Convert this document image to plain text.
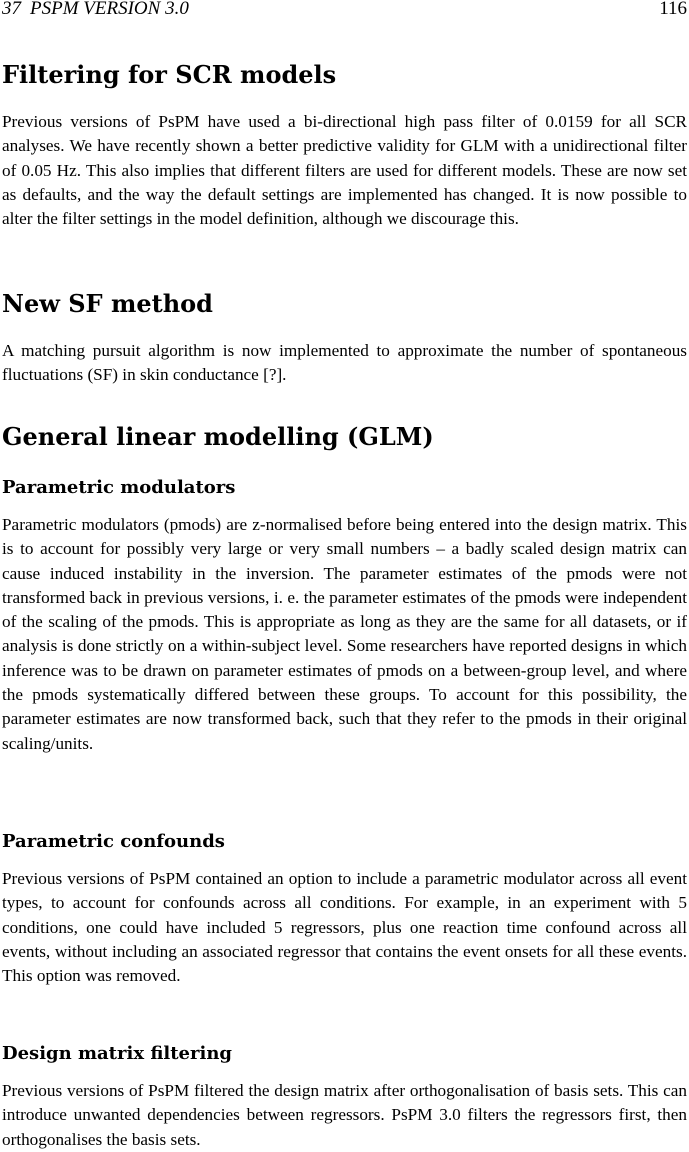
37 PSPM VERSION 3.0	116
Filtering for SCR models

Previous versions of PsPM have used a bi-directional high pass filter of 0.0159 for all SCR analyses. We have recently shown a better predictive validity for GLM with a unidirectional filter of 0.05 Hz. This also implies that different filters are used for different models. These are now set as defaults, and the way the default settings are implemented has changed. It is now possible to alter the filter settings in the model definition, although we discourage this.

New SF method

A matching pursuit algorithm is now implemented to approximate the number of spontaneous fluctuations (SF) in skin conductance [?].

General linear modelling (GLM)
Parametric modulators

Parametric modulators (pmods) are z-normalised before being entered into the design matrix. This is to account for possibly very large or very small numbers – a badly scaled design matrix can cause induced instability in the inversion. The parameter estimates of the pmods were not transformed back in previous versions, i. e. the parameter estimates of the pmods were independent of the scaling of the pmods. This is appropriate as long as they are the same for all datasets, or if analysis is done strictly on a within-subject level. Some researchers have reported designs in which inference was to be drawn on parameter estimates of pmods on a between-group level, and where the pmods systematically differed between these groups. To account for this possibility, the parameter estimates are now transformed back, such that they refer to the pmods in their original scaling/units.

Parametric confounds

Previous versions of PsPM contained an option to include a parametric modulator across all event types, to account for confounds across all conditions. For example, in an experiment with 5 conditions, one could have included 5 regressors, plus one reaction time confound across all events, without including an associated regressor that contains the event onsets for all these events. This option was removed.

Design matrix filtering

Previous versions of PsPM filtered the design matrix after orthogonalisation of basis sets. This can introduce unwanted dependencies between regressors. PsPM 3.0 filters the regressors first, then orthogonalises the basis sets.
